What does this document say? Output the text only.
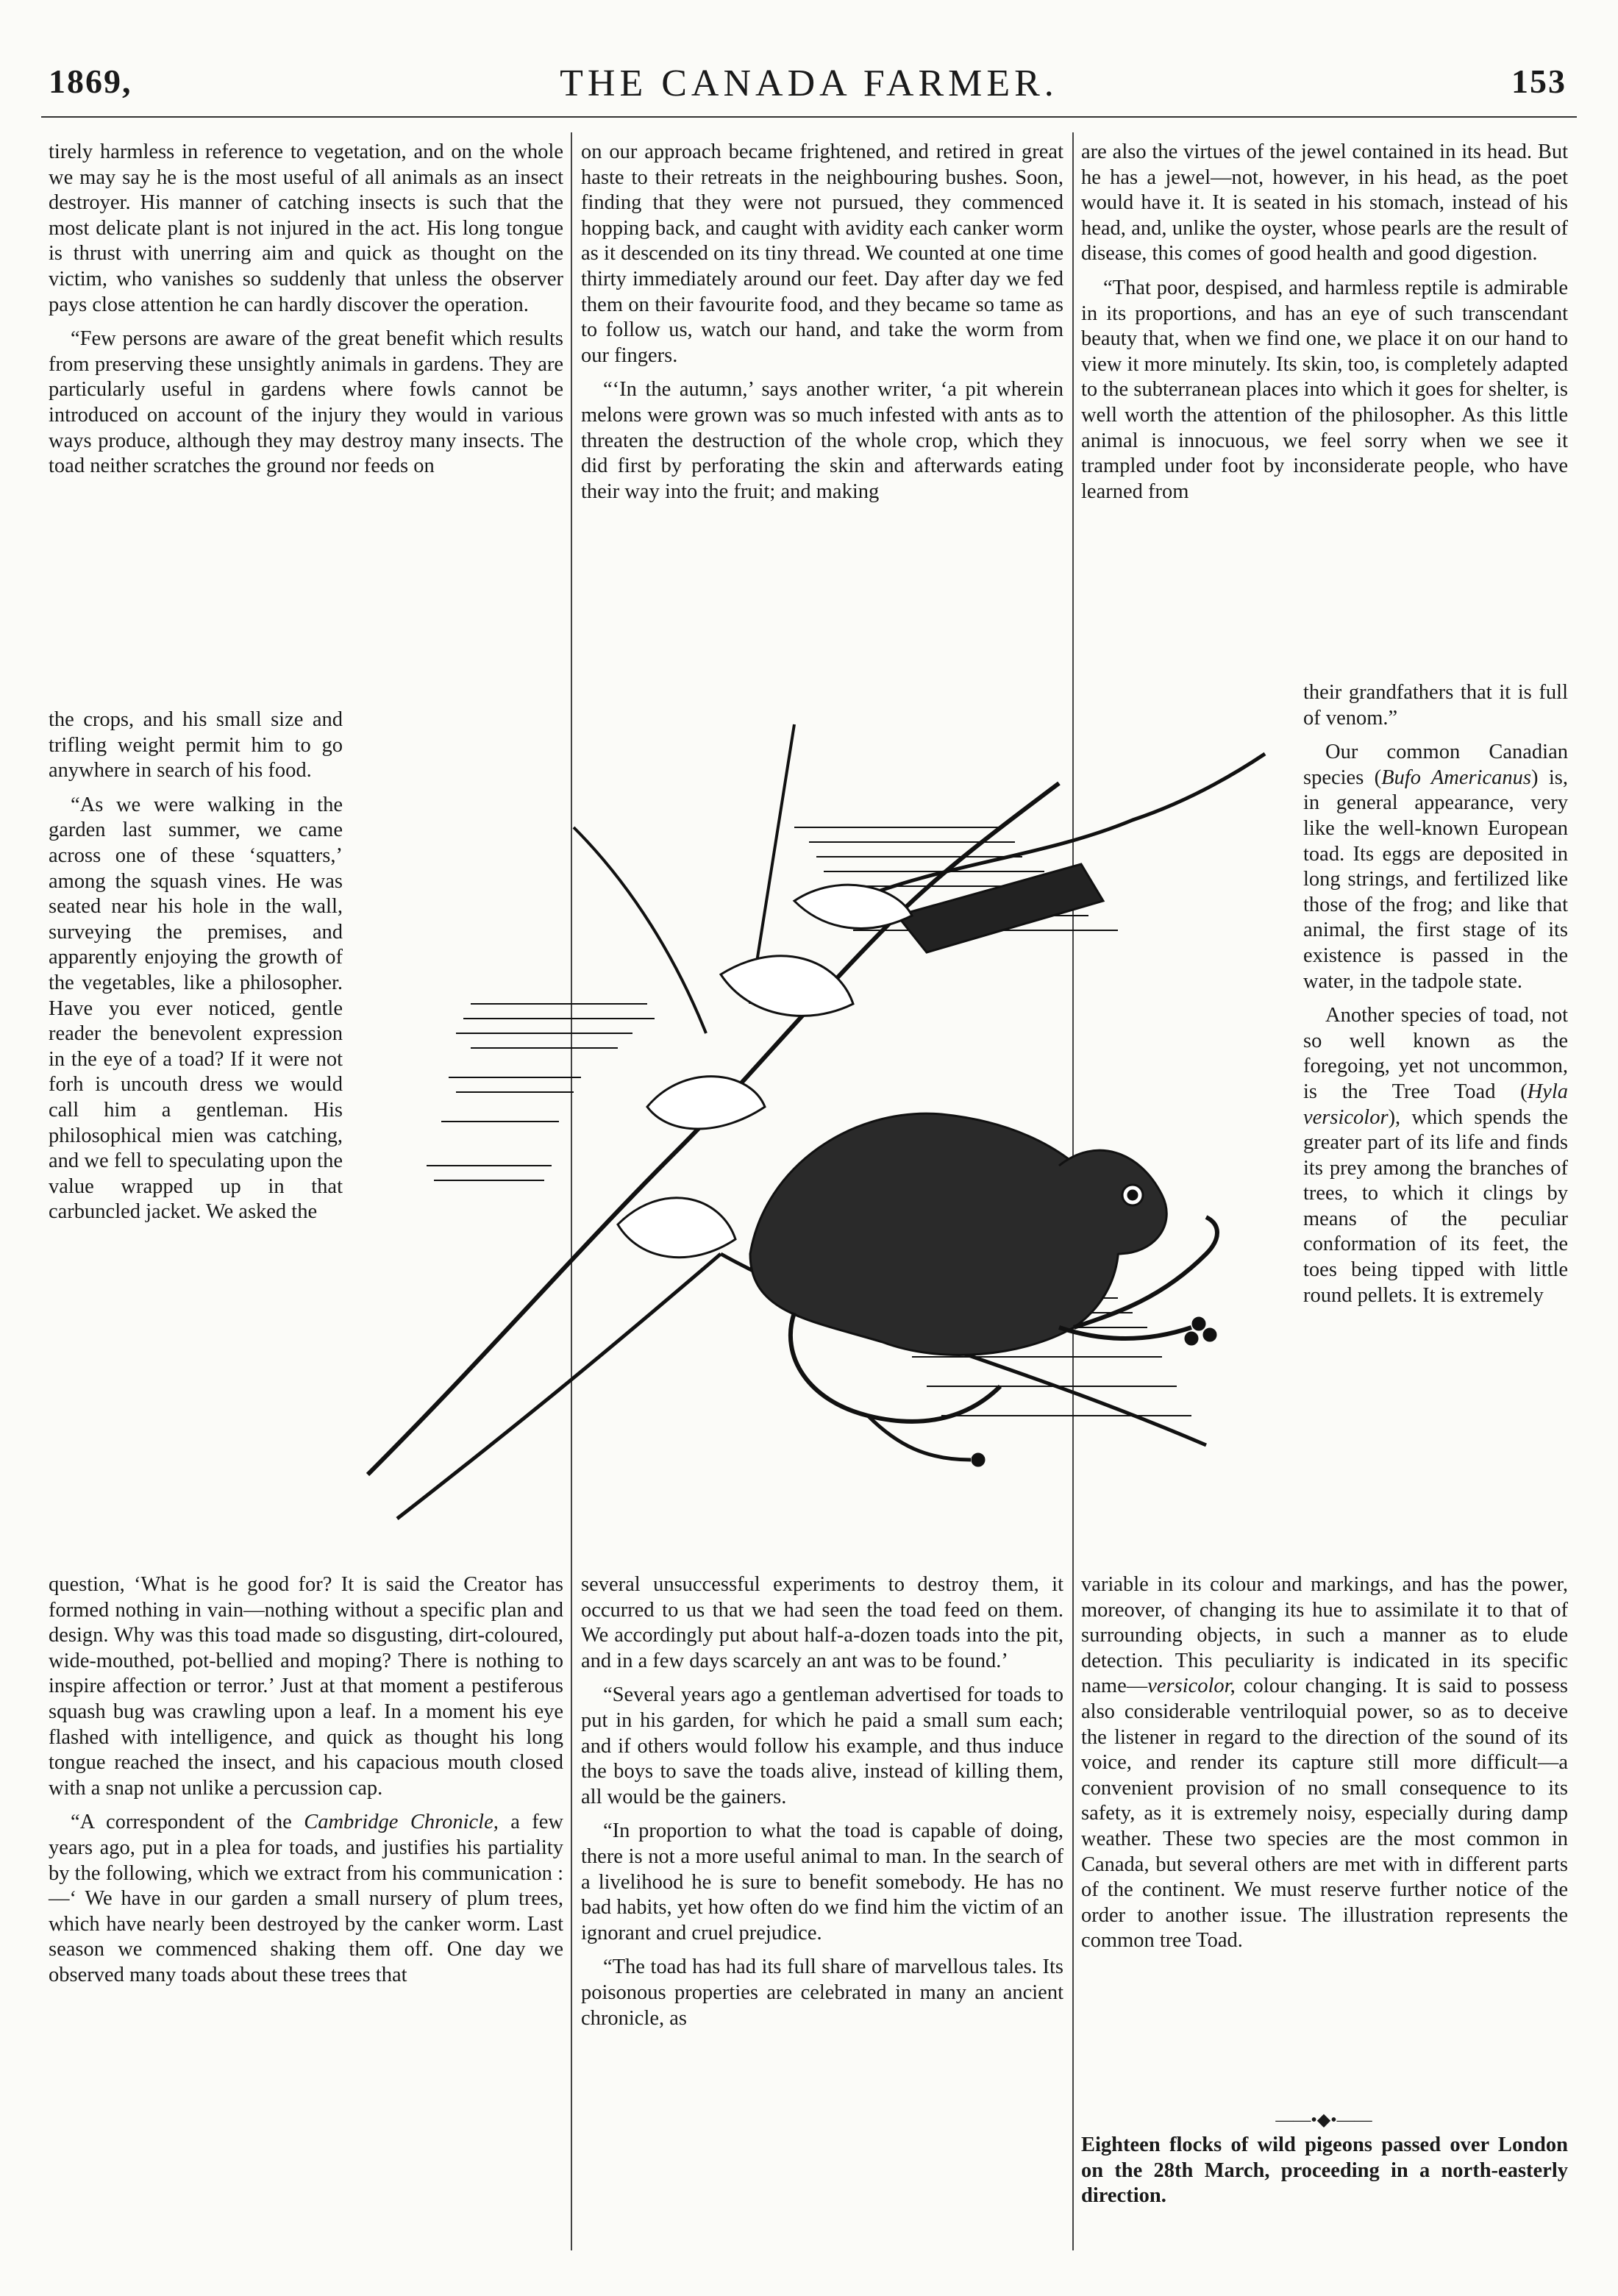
1869,	THE CANADA FARMER.	153

tirely harmless in reference to vegetation, and on the whole we may say he is the most useful of all animals as an insect destroyer. His manner of catching insects is such that the most delicate plant is not injured in the act. His long tongue is thrust with unerring aim and quick as thought on the victim, who vanishes so suddenly that unless the observer pays close attention he can hardly discover the operation.

“Few persons are aware of the great benefit which results from preserving these unsightly animals in gardens. They are particularly useful in gardens where fowls cannot be introduced on account of the injury they would in various ways produce, although they may destroy many insects. The toad neither scratches the ground nor feeds on

the crops, and his small size and trifling weight permit him to go anywhere in search of his food.

“As we were walking in the garden last summer, we came across one of these ‘squatters,’ among the squash vines. He was seated near his hole in the wall, surveying the premises, and apparently enjoying the growth of the vegetables, like a philosopher. Have you ever noticed, gentle reader the benevolent expression in the eye of a toad? If it were not forh is uncouth dress we would call him a gentleman. His philosophical mien was catching, and we fell to speculating upon the value wrapped up in that carbuncled jacket. We asked the

question, ‘What is he good for? It is said the Creator has formed nothing in vain—nothing without a specific plan and design. Why was this toad made so disgusting, dirt-coloured, wide-mouthed, pot-bellied and moping? There is nothing to inspire affection or terror.’ Just at that moment a pestiferous squash bug was crawling upon a leaf. In a moment his eye flashed with intelligence, and quick as thought his long tongue reached the insect, and his capacious mouth closed with a snap not unlike a percussion cap.

“A correspondent of the Cambridge Chronicle, a few years ago, put in a plea for toads, and justifies his partiality by the following, which we extract from his communication :—‘ We have in our garden a small nursery of plum trees, which have nearly been destroyed by the canker worm. Last season we commenced shaking them off. One day we observed many toads about these trees that

on our approach became frightened, and retired in great haste to their retreats in the neighbouring bushes. Soon, finding that they were not pursued, they commenced hopping back, and caught with avidity each canker worm as it descended on its tiny thread. We counted at one time thirty immediately around our feet. Day after day we fed them on their favourite food, and they became so tame as to follow us, watch our hand, and take the worm from our fingers.

“‘In the autumn,’ says another writer, ‘a pit wherein melons were grown was so much infested with ants as to threaten the destruction of the whole crop, which they did first by perforating the skin and afterwards eating their way into the fruit; and making

several unsuccessful experiments to destroy them, it occurred to us that we had seen the toad feed on them. We accordingly put about half-a-dozen toads into the pit, and in a few days scarcely an ant was to be found.’

“Several years ago a gentleman advertised for toads to put in his garden, for which he paid a small sum each; and if others would follow his example, and thus induce the boys to save the toads alive, instead of killing them, all would be the gainers.

“In proportion to what the toad is capable of doing, there is not a more useful animal to man. In the search of a livelihood he is sure to benefit somebody. He has no bad habits, yet how often do we find him the victim of an ignorant and cruel prejudice.

“The toad has had its full share of marvellous tales. Its poisonous properties are celebrated in many an ancient chronicle, as

are also the virtues of the jewel contained in its head. But he has a jewel—not, however, in his head, as the poet would have it. It is seated in his stomach, instead of his head, and, unlike the oyster, whose pearls are the result of disease, this comes of good health and good digestion.

“That poor, despised, and harmless reptile is admirable in its proportions, and has an eye of such transcendant beauty that, when we find one, we place it on our hand to view it more minutely. Its skin, too, is completely adapted to the subterranean places into which it goes for shelter, is well worth the attention of the philosopher. As this little animal is innocuous, we feel sorry when we see it trampled under foot by inconsiderate people, who have learned from

their grandfathers that it is full of venom.”

Our common Canadian species (Bufo Americanus) is, in general appearance, very like the well-known European toad. Its eggs are deposited in long strings, and fertilized like those of the frog; and like that animal, the first stage of its existence is passed in the water, in the tadpole state.

Another species of toad, not so well known as the foregoing, yet not uncommon, is the Tree Toad (Hyla versicolor), which spends the greater part of its life and finds its prey among the branches of trees, to which it clings by means of the peculiar conformation of its feet, the toes being tipped with little round pellets. It is extremely

variable in its colour and markings, and has the power, moreover, of changing its hue to assimilate it to that of surrounding objects, in such a manner as to elude detection. This peculiarity is indicated in its specific name—versicolor, colour changing. It is said to possess also considerable ventriloquial power, so as to deceive the listener in regard to the direction of the sound of its voice, and render its capture still more difficult—a convenient provision of no small consequence to its safety, as it is extremely noisy, especially during damp weather. These two species are the most common in Canada, but several others are met with in different parts of the continent. We must reserve further notice of the order to another issue. The illustration represents the common tree Toad.

——•◆•——

Eighteen flocks of wild pigeons passed over London on the 28th March, proceeding in a north-easterly direction.
